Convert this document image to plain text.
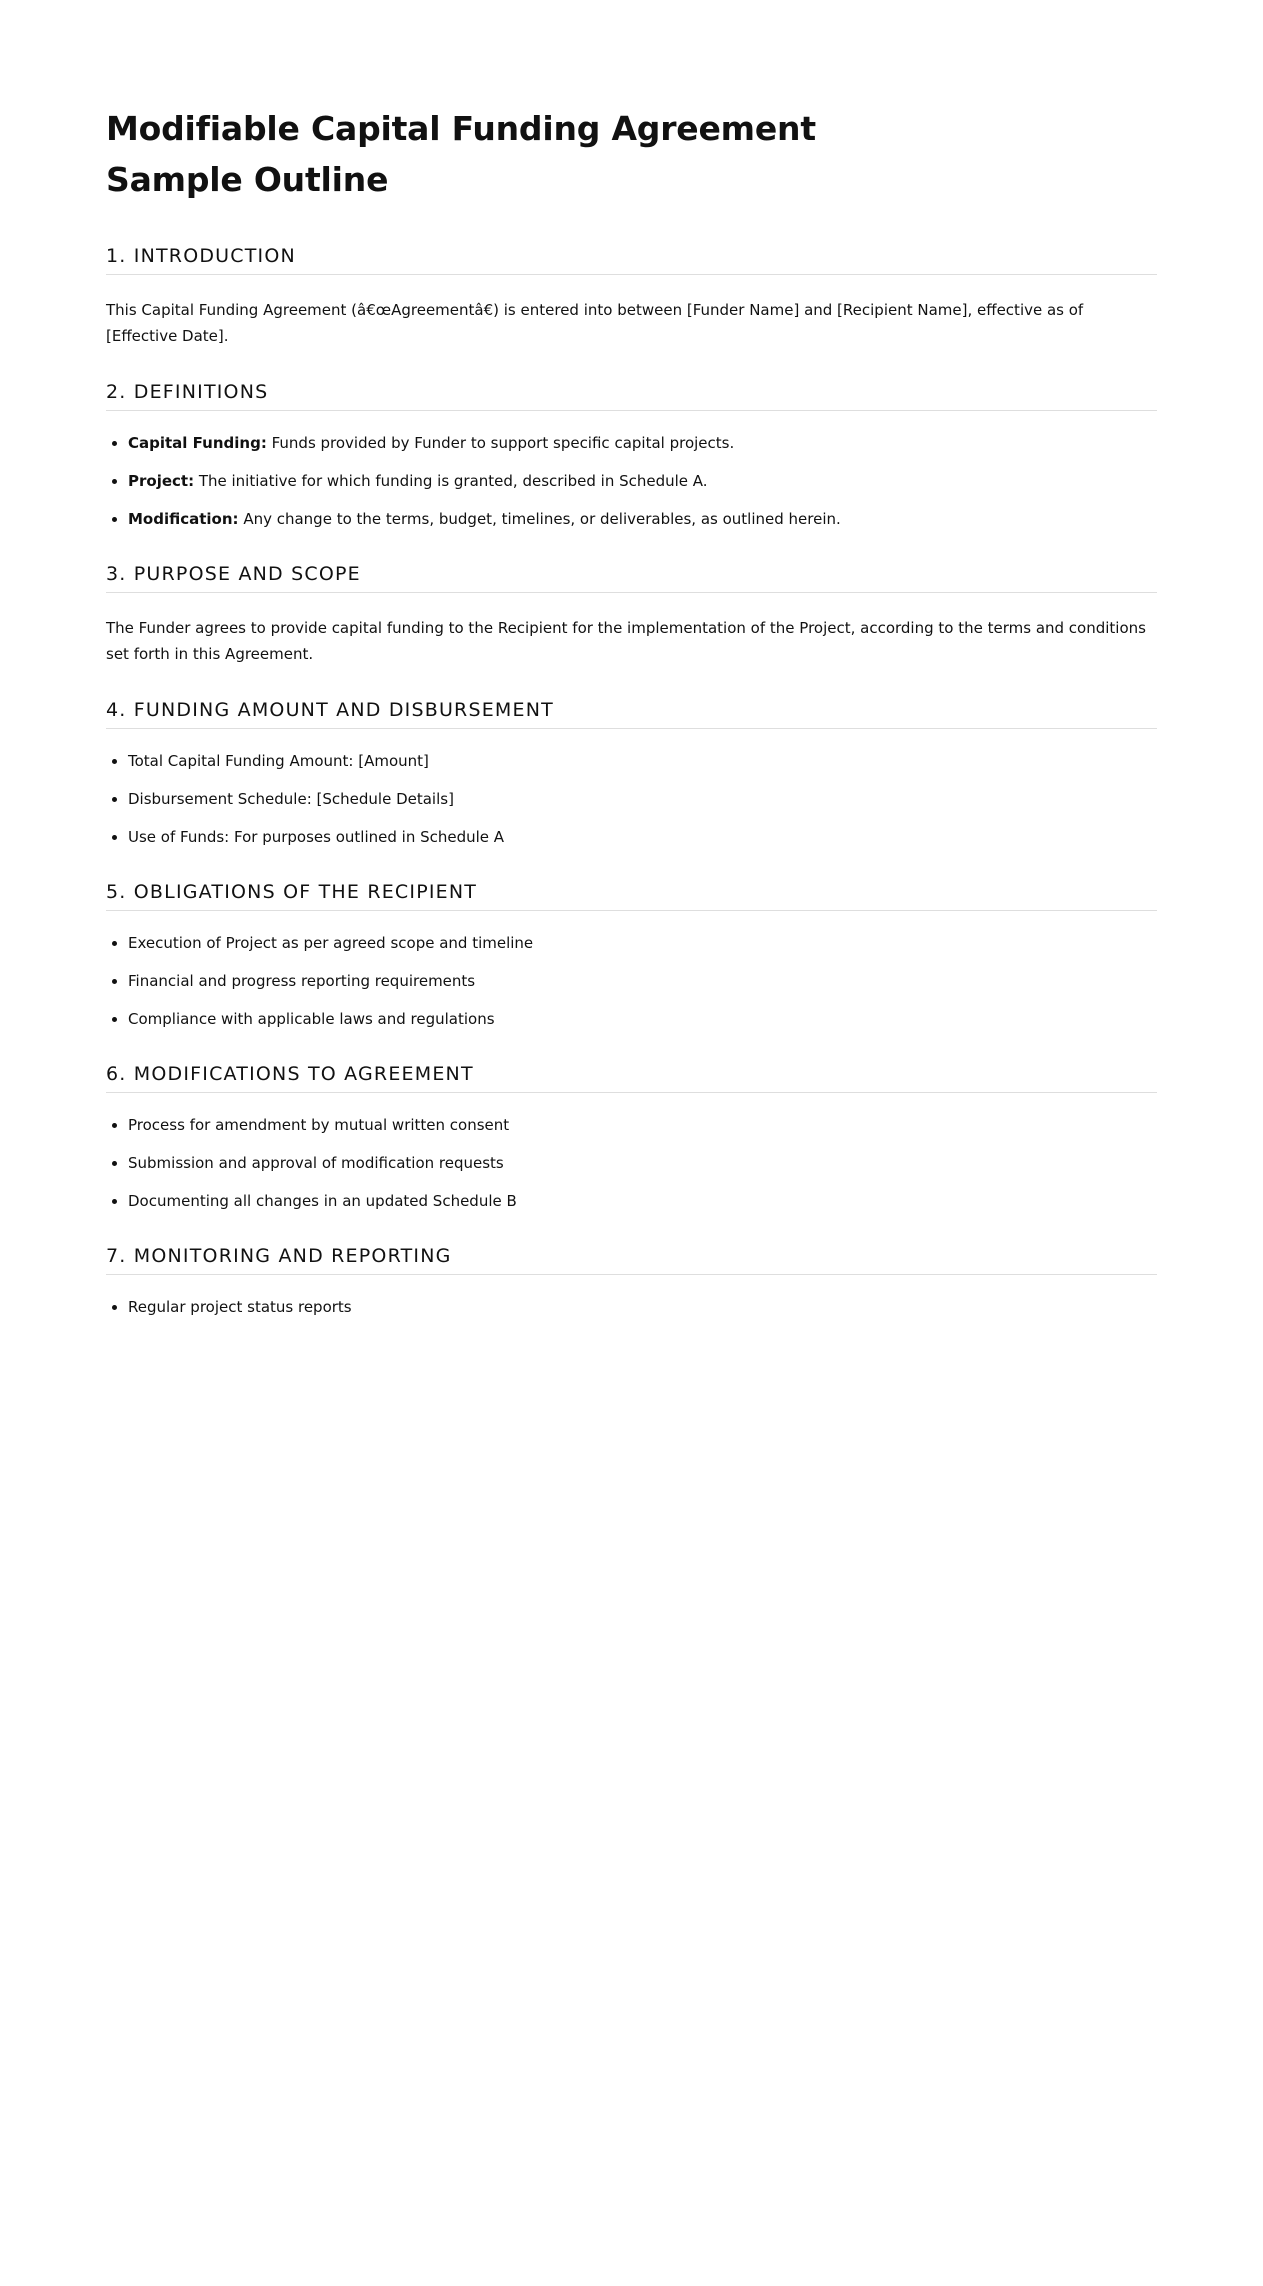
Modifiable Capital Funding Agreement
Sample Outline
1. INTRODUCTION

This Capital Funding Agreement (â€œAgreementâ€) is entered into between [Funder Name] and [Recipient Name], effective as of [Effective Date].

2. DEFINITIONS
• Capital Funding: Funds provided by Funder to support specific capital projects.
• Project: The initiative for which funding is granted, described in Schedule A.
• Modification: Any change to the terms, budget, timelines, or deliverables, as outlined herein.
3. PURPOSE AND SCOPE

The Funder agrees to provide capital funding to the Recipient for the implementation of the Project, according to the terms and conditions set forth in this Agreement.

4. FUNDING AMOUNT AND DISBURSEMENT
• Total Capital Funding Amount: [Amount]
• Disbursement Schedule: [Schedule Details]
• Use of Funds: For purposes outlined in Schedule A
5. OBLIGATIONS OF THE RECIPIENT
• Execution of Project as per agreed scope and timeline
• Financial and progress reporting requirements
• Compliance with applicable laws and regulations
6. MODIFICATIONS TO AGREEMENT
• Process for amendment by mutual written consent
• Submission and approval of modification requests
• Documenting all changes in an updated Schedule B
7. MONITORING AND REPORTING
• Regular project status reports
